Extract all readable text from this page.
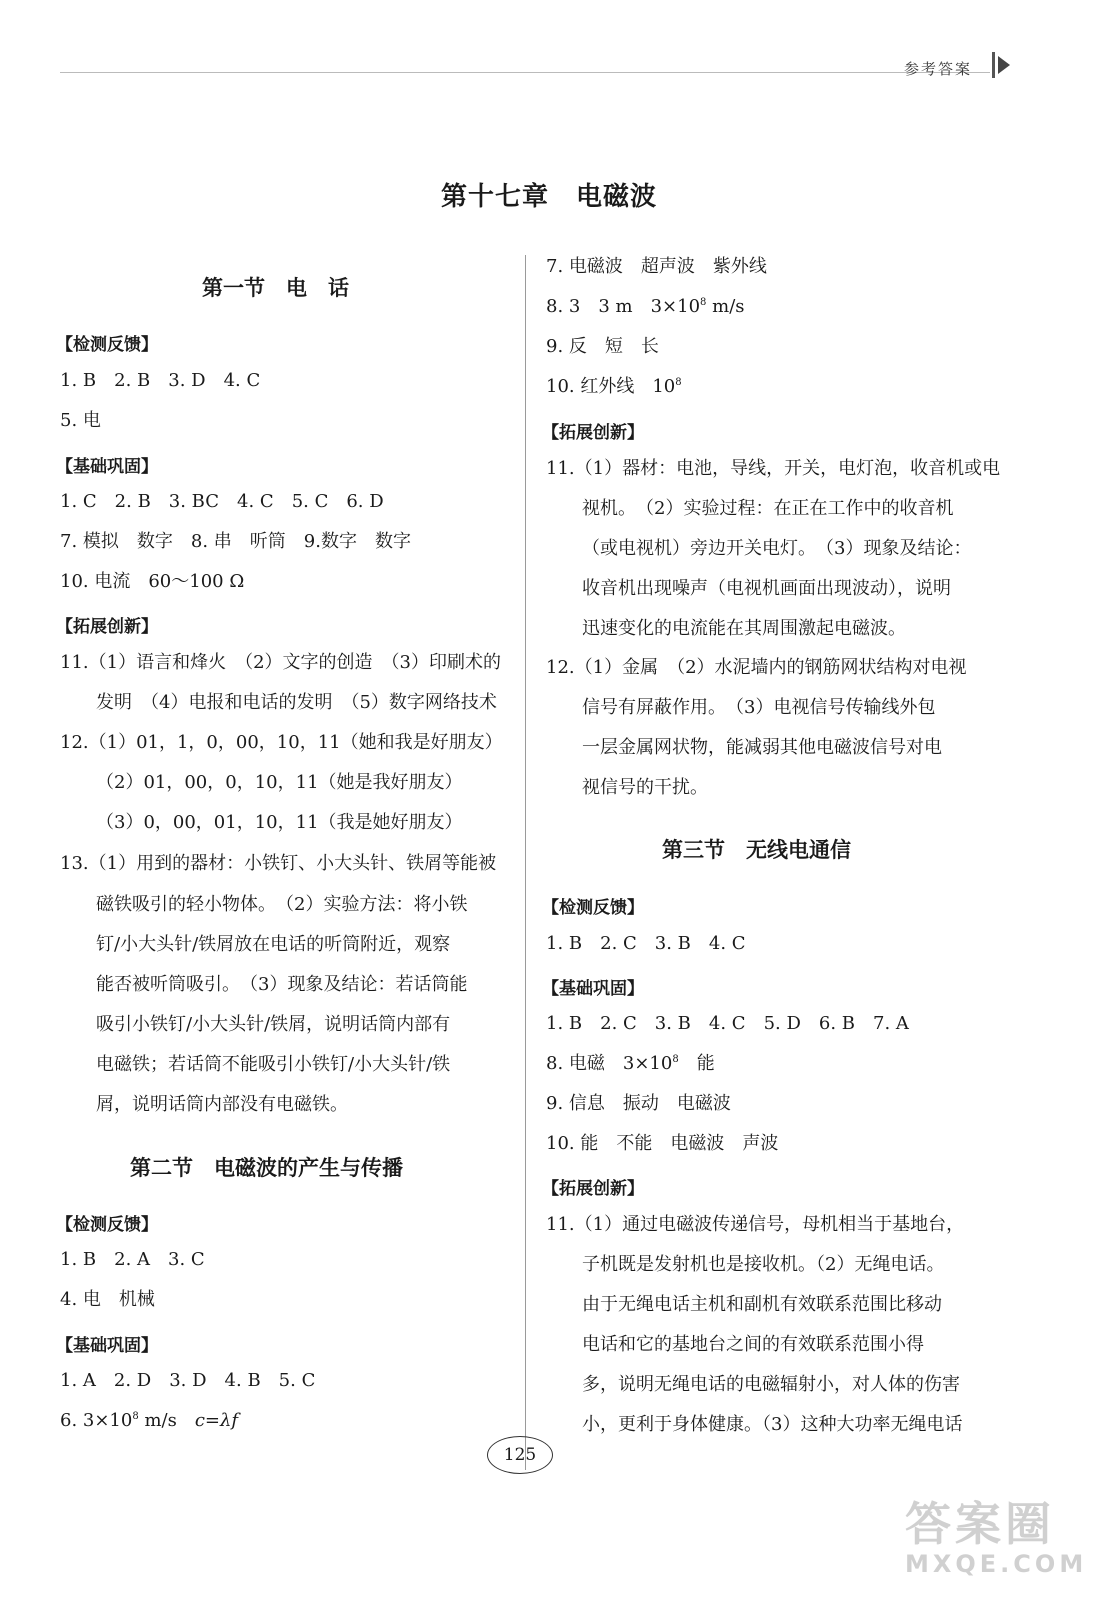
参考答案
第十七章　电磁波
第一节　电　话
【检测反馈】
1. B　2. B　3. D　4. C
5. 电
【基础巩固】
1. C　2. B　3. BC　4. C　5. C　6. D
7. 模拟　数字　8. 串　听筒　9.数字　数字
10. 电流　60～100 Ω
【拓展创新】
11.（1）语言和烽火　（2）文字的创造　（3）印刷术的
发明　（4）电报和电话的发明　（5）数字网络技术
12.（1）01，1，0，00，10，11（她和我是好朋友）
（2）01，00，0，10，11（她是我好朋友）
（3）0，00，01，10，11（我是她好朋友）
13.（1）用到的器材：小铁钉、小大头针、铁屑等能被
磁铁吸引的轻小物体。　（2）实验方法：将小铁
钉/小大头针/铁屑放在电话的听筒附近，观察
能否被听筒吸引。　（3）现象及结论：若话筒能
吸引小铁钉/小大头针/铁屑，说明话筒内部有
电磁铁；若话筒不能吸引小铁钉/小大头针/铁
屑，说明话筒内部没有电磁铁。
第二节　电磁波的产生与传播
【检测反馈】
1. B　2. A　3. C
4. 电　机械
【基础巩固】
1. A　2. D　3. D　4. B　5. C
6. $3\times 10^8$ m/s　c=λf
7. 电磁波　超声波　紫外线
8. 3　3 m　$3\times 10^8$ m/s
9. 反　短　长
10. 红外线　$10^8$
【拓展创新】
11.（1）器材：电池，导线，开关，电灯泡，收音机或电
视机。　（2）实验过程：在正在工作中的收音机
（或电视机）旁边开关电灯。　（3）现象及结论：
收音机出现噪声（电视机画面出现波动），说明
迅速变化的电流能在其周围激起电磁波。
12.（1）金属　（2）水泥墙内的钢筋网状结构对电视
信号有屏蔽作用。　（3）电视信号传输线外包
一层金属网状物，能减弱其他电磁波信号对电
视信号的干扰。
第三节　无线电通信
【检测反馈】
1. B　2. C　3. B　4. C
【基础巩固】
1. B　2. C　3. B　4. C　5. D　6. B　7. A
8. 电磁　$3\times 10^8$　能
9. 信息　振动　电磁波
10. 能　不能　电磁波　声波
【拓展创新】
11.（1）通过电磁波传递信号，母机相当于基地台，
子机既是发射机也是接收机。（2）无绳电话。
由于无绳电话主机和副机有效联系范围比移动
电话和它的基地台之间的有效联系范围小得
多，说明无绳电话的电磁辐射小，对人体的伤害
小，更利于身体健康。（3）这种大功率无绳电话
125
答案圈
MXQE.COM
